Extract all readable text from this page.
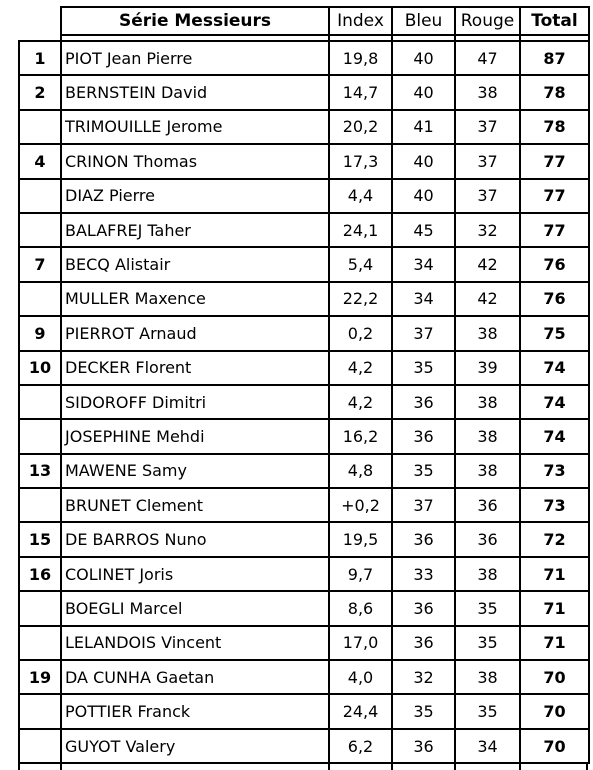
	Série Messieurs	Index	Bleu	Rouge	Total

1	PIOT Jean Pierre	19,8	40	47	87
2	BERNSTEIN David	14,7	40	38	78
	TRIMOUILLE Jerome	20,2	41	37	78
4	CRINON Thomas	17,3	40	37	77
	DIAZ Pierre	4,4	40	37	77
	BALAFREJ Taher	24,1	45	32	77
7	BECQ Alistair	5,4	34	42	76
	MULLER Maxence	22,2	34	42	76
9	PIERROT Arnaud	0,2	37	38	75
10	DECKER Florent	4,2	35	39	74
	SIDOROFF Dimitri	4,2	36	38	74
	JOSEPHINE Mehdi	16,2	36	38	74
13	MAWENE Samy	4,8	35	38	73
	BRUNET Clement	+0,2	37	36	73
15	DE BARROS Nuno	19,5	36	36	72
16	COLINET Joris	9,7	33	38	71
	BOEGLI Marcel	8,6	36	35	71
	LELANDOIS Vincent	17,0	36	35	71
19	DA CUNHA Gaetan	4,0	32	38	70
	POTTIER Franck	24,4	35	35	70
	GUYOT Valery	6,2	36	34	70
